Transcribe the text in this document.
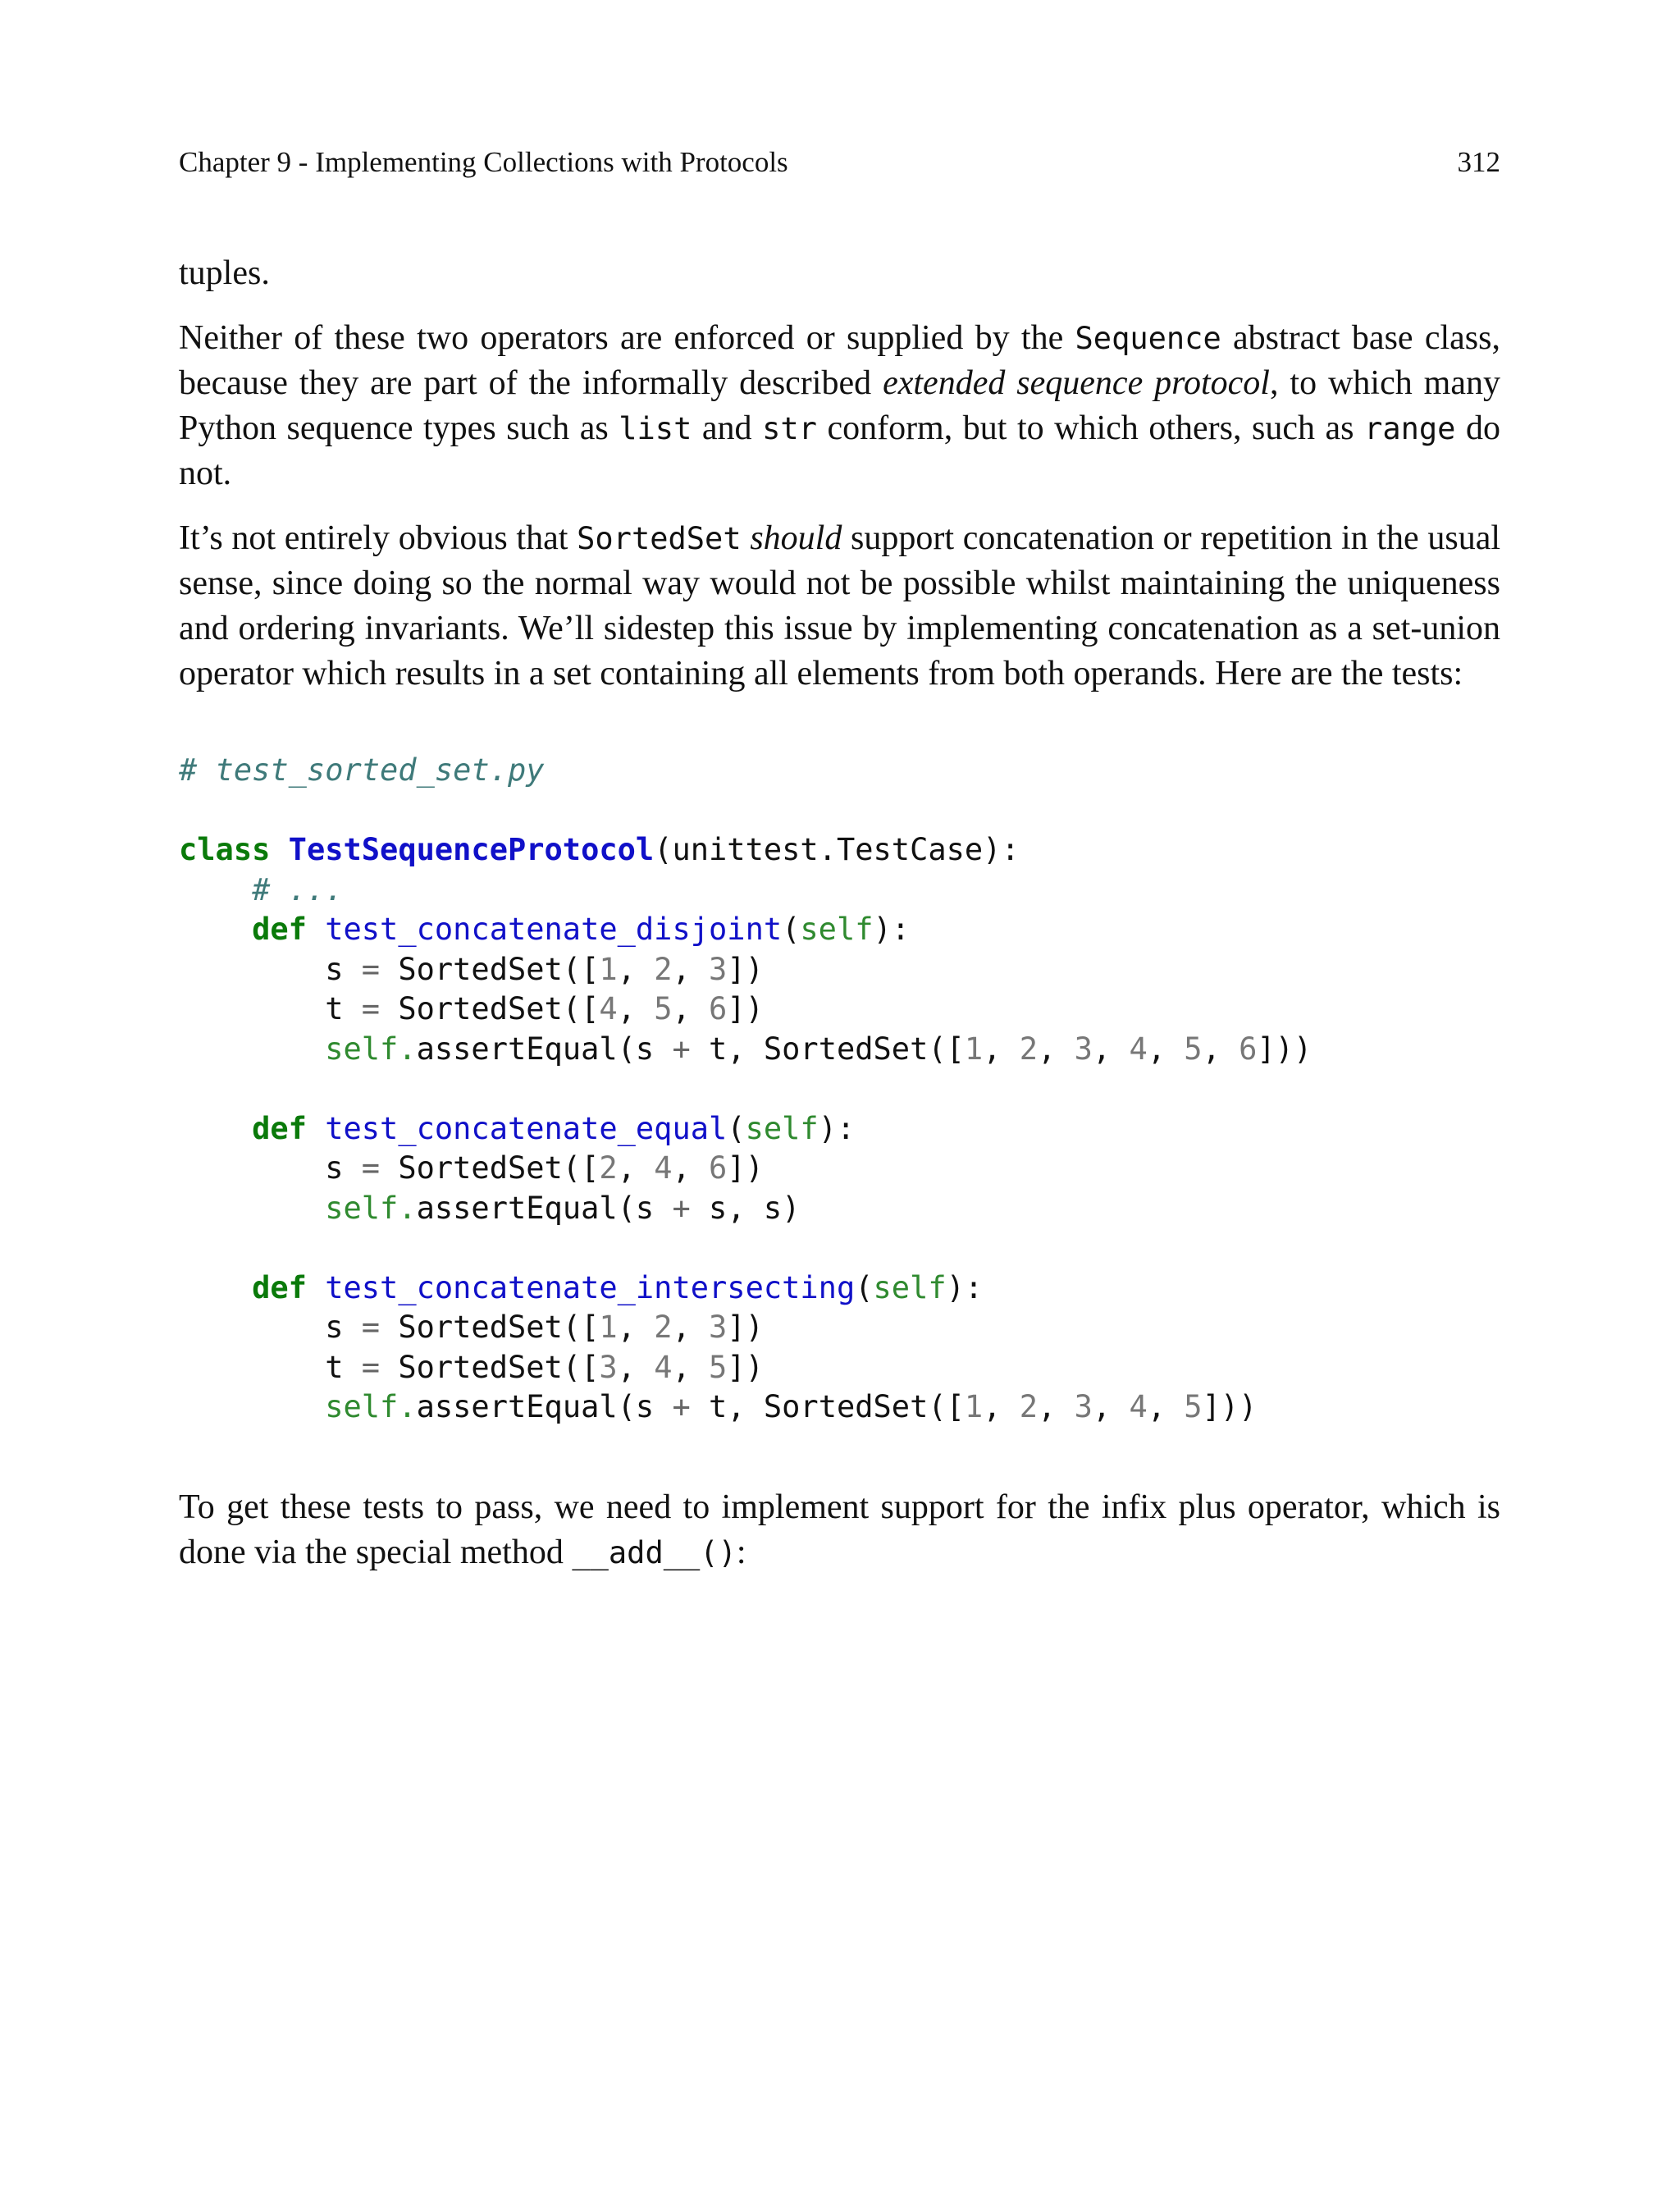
Chapter 9 - Implementing Collections with Protocols	312

tuples.

Neither of these two operators are enforced or supplied by the Sequence abstract base class, because they are part of the informally described extended sequence protocol, to which many Python sequence types such as list and str conform, but to which others, such as range do not.

It’s not entirely obvious that SortedSet should support concatenation or repetition in the usual sense, since doing so the normal way would not be possible whilst maintaining the uniqueness and ordering invariants. We’ll sidestep this issue by implementing concatenation as a set-union operator which results in a set containing all elements from both operands. Here are the tests:

# test_sorted_set.py

class TestSequenceProtocol(unittest.TestCase):
# ...
def test_concatenate_disjoint(self):
s = SortedSet([1, 2, 3])
t = SortedSet([4, 5, 6])
self.assertEqual(s + t, SortedSet([1, 2, 3, 4, 5, 6]))

def test_concatenate_equal(self):
s = SortedSet([2, 4, 6])
self.assertEqual(s + s, s)

def test_concatenate_intersecting(self):
s = SortedSet([1, 2, 3])
t = SortedSet([3, 4, 5])
self.assertEqual(s + t, SortedSet([1, 2, 3, 4, 5]))

To get these tests to pass, we need to implement support for the infix plus operator, which is done via the special method __add__():
